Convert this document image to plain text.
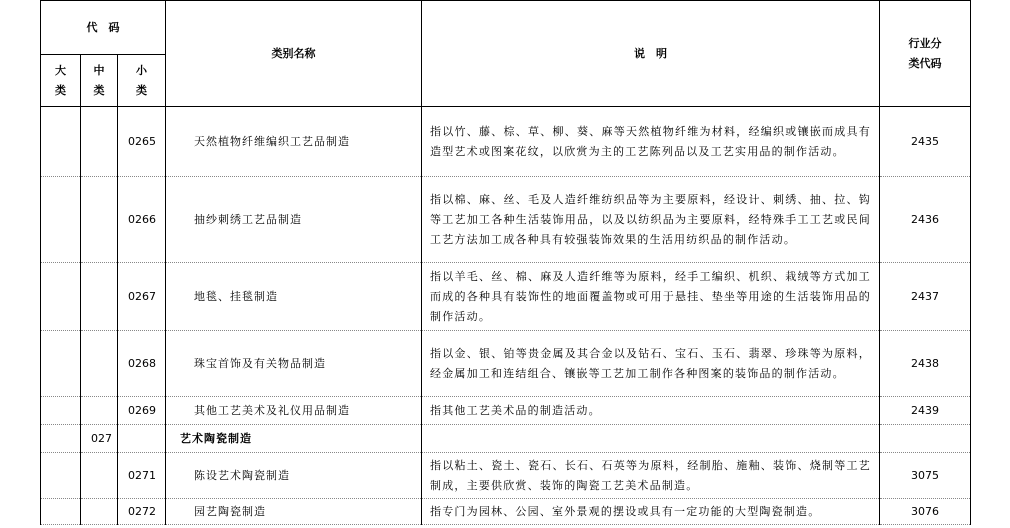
代　码			类别名称	说　明	行业分类代码

大类	中类	小类			

		0265	天然植物纤维编织工艺品制造	指以竹、藤、棕、草、柳、葵、麻等天然植物纤维为材料，经编织或镶嵌而成具有造型艺术或图案花纹，以欣赏为主的工艺陈列品以及工艺实用品的制作活动。	2435
		0266	抽纱刺绣工艺品制造	指以棉、麻、丝、毛及人造纤维纺织品等为主要原料，经设计、刺绣、抽、拉、钩等工艺加工各种生活装饰用品，以及以纺织品为主要原料，经特殊手工工艺或民间工艺方法加工成各种具有较强装饰效果的生活用纺织品的制作活动。	2436
		0267	地毯、挂毯制造	指以羊毛、丝、棉、麻及人造纤维等为原料，经手工编织、机织、栽绒等方式加工而成的各种具有装饰性的地面覆盖物或可用于悬挂、垫坐等用途的生活装饰用品的制作活动。	2437
		0268	珠宝首饰及有关物品制造	指以金、银、铂等贵金属及其合金以及钻石、宝石、玉石、翡翠、珍珠等为原料，经金属加工和连结组合、镶嵌等工艺加工制作各种图案的装饰品的制作活动。	2438
		0269	其他工艺美术及礼仪用品制造	指其他工艺美术品的制造活动。	2439
	027		艺术陶瓷制造		
		0271	陈设艺术陶瓷制造	指以粘土、瓷土、瓷石、长石、石英等为原料，经制胎、施釉、装饰、烧制等工艺制成，主要供欣赏、装饰的陶瓷工艺美术品制造。	3075
		0272	园艺陶瓷制造	指专门为园林、公园、室外景观的摆设或具有一定功能的大型陶瓷制造。	3076
